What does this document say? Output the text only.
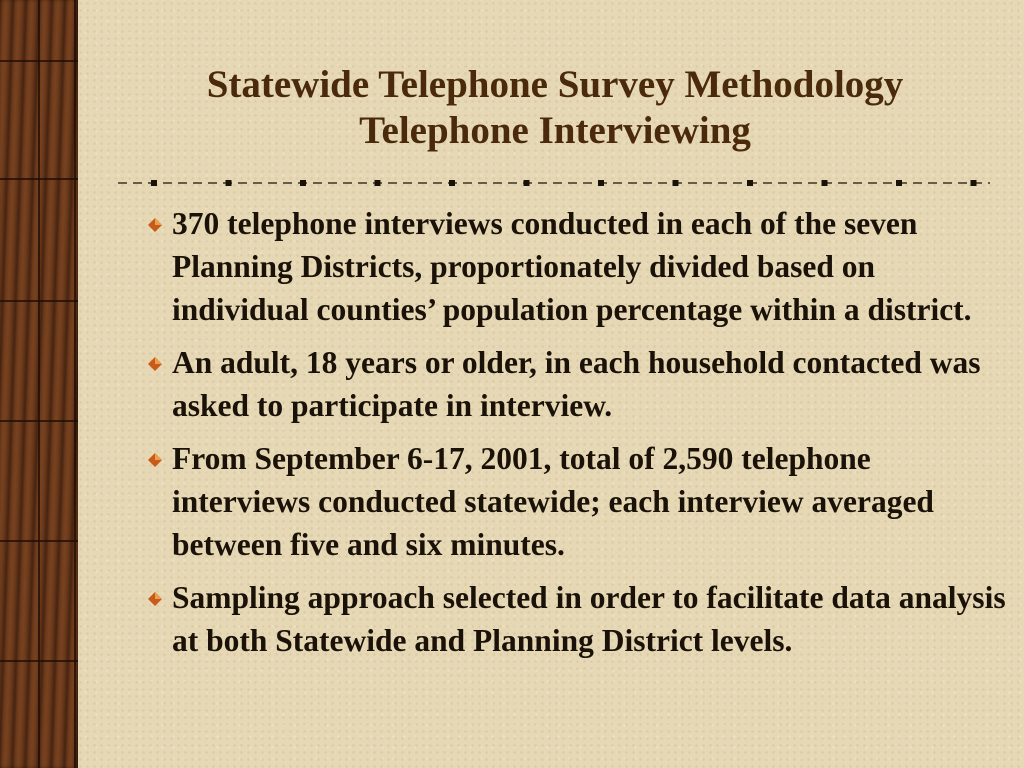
Statewide Telephone Survey Methodology
Telephone Interviewing
370 telephone interviews conducted in each of the seven Planning Districts, proportionately divided based on individual counties’ population percentage within a district.
An adult, 18 years or older, in each household contacted was asked to participate in interview.
From September 6-17, 2001, total of 2,590 telephone interviews conducted statewide; each interview averaged between five and six minutes.
Sampling approach selected in order to facilitate data analysis at both Statewide and Planning District levels.
